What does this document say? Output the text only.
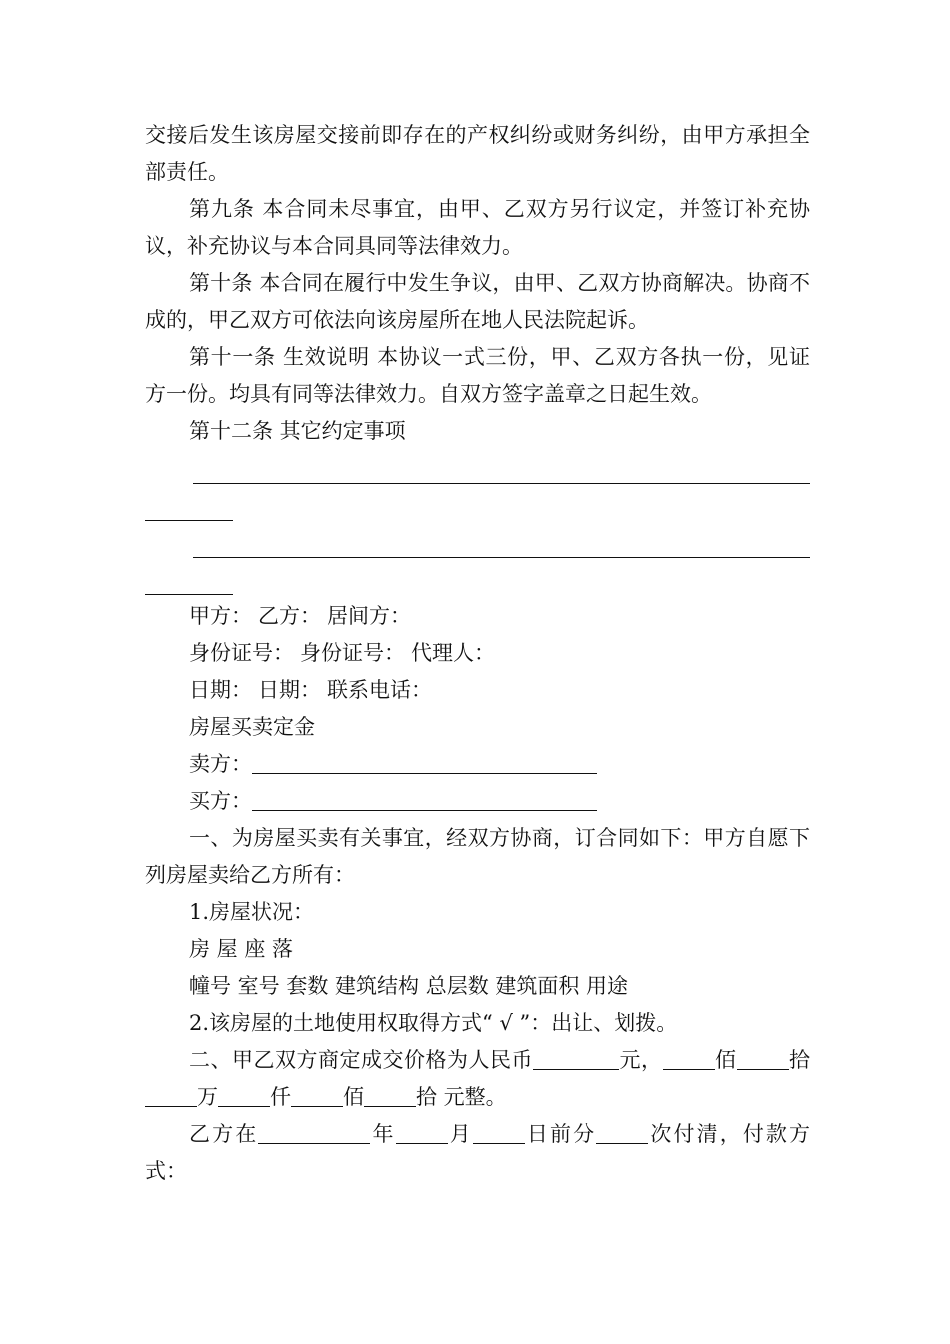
交接后发生该房屋交接前即存在的产权纠纷或财务纠纷，由甲方承担全部责任。

第九条 本合同未尽事宜，由甲、乙双方另行议定，并签订补充协议，补充协议与本合同具同等法律效力。

第十条 本合同在履行中发生争议，由甲、乙双方协商解决。协商不成的，甲乙双方可依法向该房屋所在地人民法院起诉。

第十一条 生效说明 本协议一式三份，甲、乙双方各执一份，见证方一份。均具有同等法律效力。自双方签字盖章之日起生效。

第十二条 其它约定事项

甲方： 乙方： 居间方：

身份证号： 身份证号： 代理人：

日期： 日期： 联系电话：

房屋买卖定金

卖方：

买方：

一、为房屋买卖有关事宜，经双方协商，订合同如下：甲方自愿下列房屋卖给乙方所有：

1.房屋状况：

房 屋 座 落

幢号 室号 套数 建筑结构 总层数 建筑面积 用途

2.该房屋的土地使用权取得方式“ √ ”：出让、划拨。

二、甲乙双方商定成交价格为人民币	元， 佰 拾万 仟 佰 拾 元整。

乙方在	年 月 日前分 次付清，付款方式：
